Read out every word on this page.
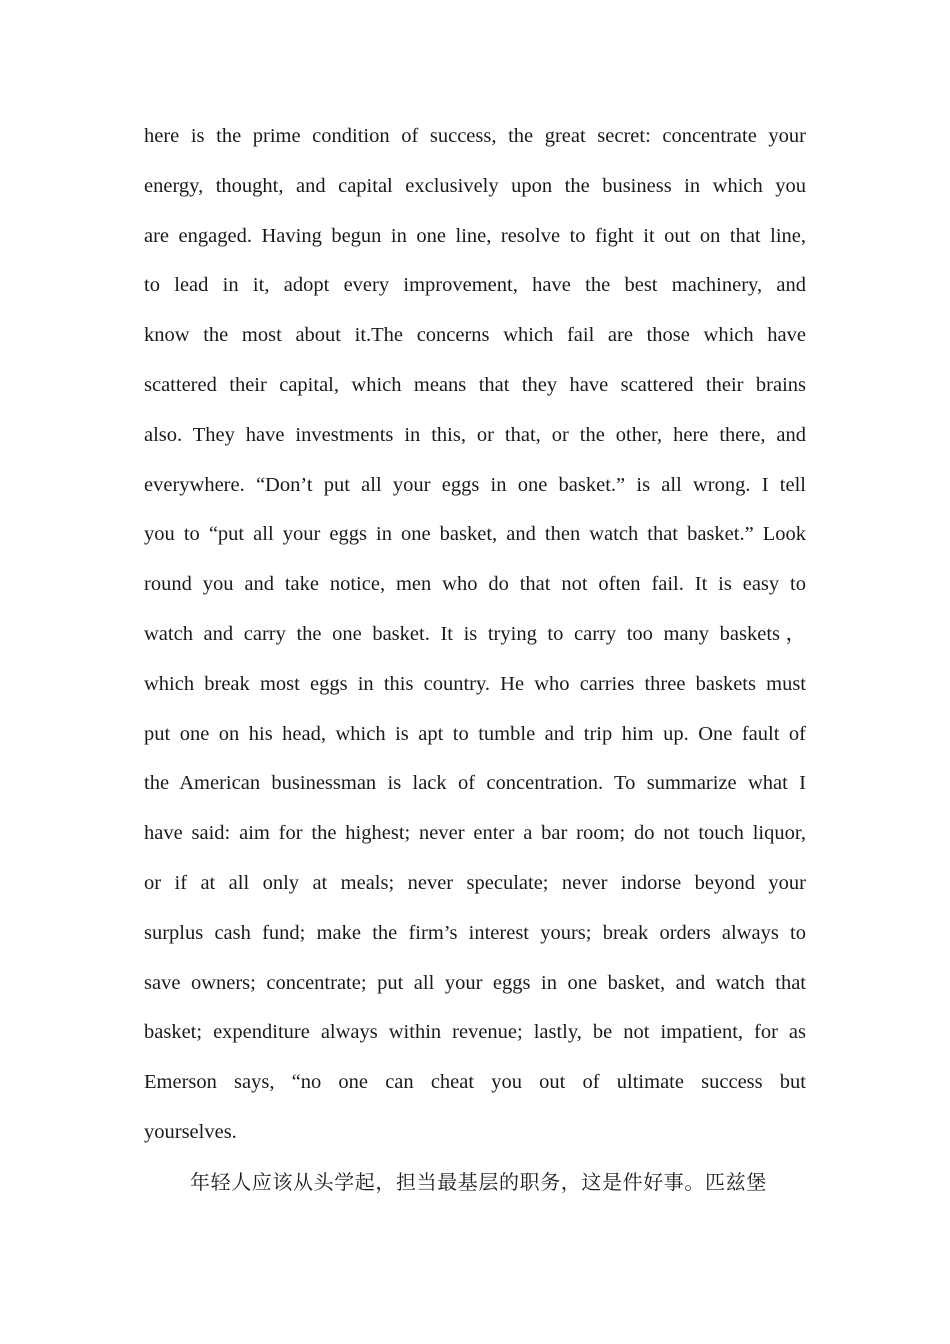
here is the prime condition of success, the great secret: concentrate your
energy, thought, and capital exclusively upon the business in which you
are engaged. Having begun in one line, resolve to fight it out on that line,
to lead in it, adopt every improvement, have the best machinery, and
know the most about it.The concerns which fail are those which have
scattered their capital, which means that they have scattered their brains
also. They have investments in this, or that, or the other, here there, and
everywhere. “Don’t put all your eggs in one basket.” is all wrong. I tell
you to “put all your eggs in one basket, and then watch that basket.” Look
round you and take notice, men who do that not often fail. It is easy to
watch and carry the one basket. It is trying to carry too many baskets，
which break most eggs in this country. He who carries three baskets must
put one on his head, which is apt to tumble and trip him up. One fault of
the American businessman is lack of concentration. To summarize what I
have said: aim for the highest; never enter a bar room; do not touch liquor,
or if at all only at meals; never speculate; never indorse beyond your
surplus cash fund; make the firm’s interest yours; break orders always to
save owners; concentrate; put all your eggs in one basket, and watch that
basket; expenditure always within revenue; lastly, be not impatient, for as
Emerson says, “no one can cheat you out of ultimate success but
yourselves.
年轻人应该从头学起，担当最基层的职务，这是件好事。匹兹堡
